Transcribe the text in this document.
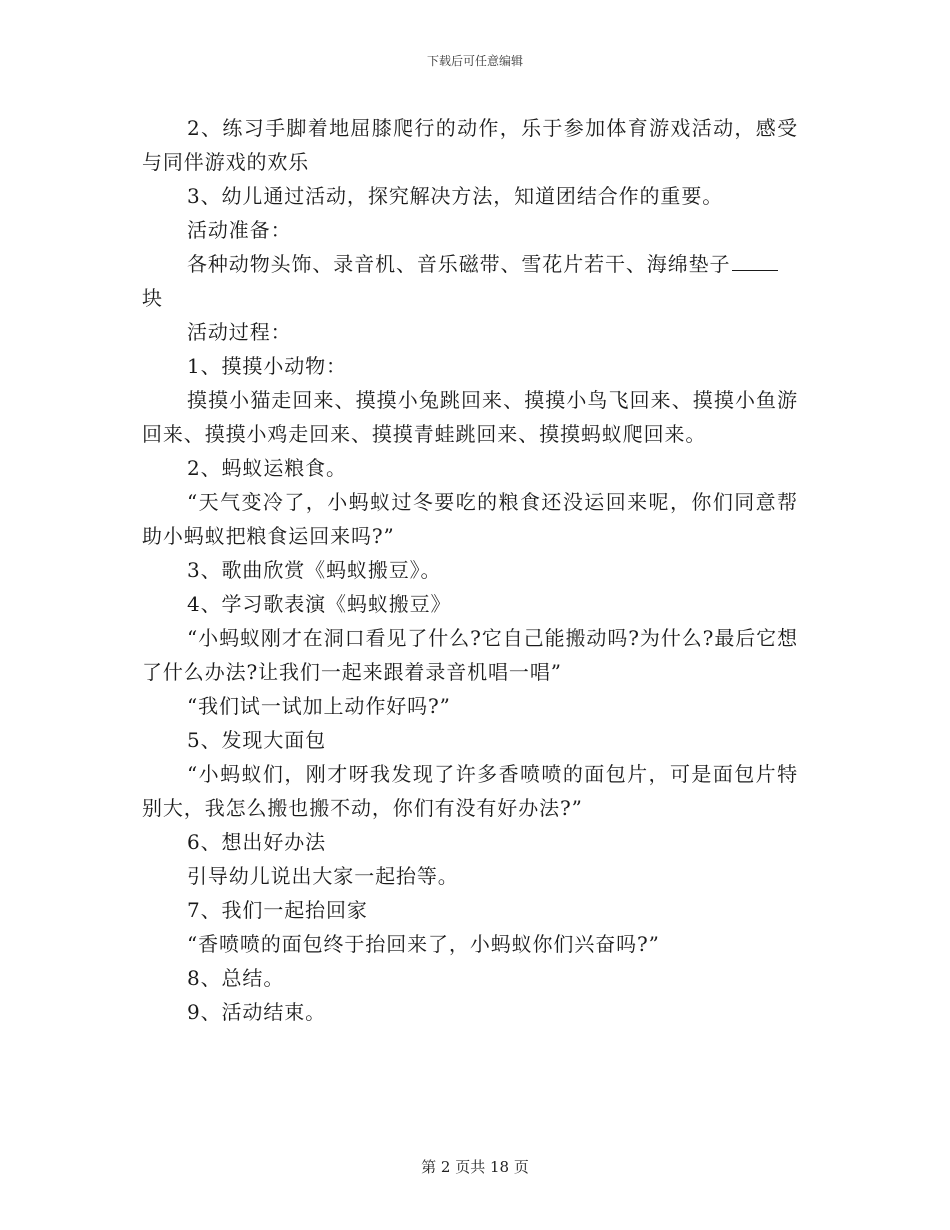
下载后可任意编辑

2、练习手脚着地屈膝爬行的动作，乐于参加体育游戏活动，感受与同伴游戏的欢乐

3、幼儿通过活动，探究解决方法，知道团结合作的重要。

活动准备：

各种动物头饰、录音机、音乐磁带、雪花片若干、海绵垫子

块

活动过程：

1、摸摸小动物：

摸摸小猫走回来、摸摸小兔跳回来、摸摸小鸟飞回来、摸摸小鱼游回来、摸摸小鸡走回来、摸摸青蛙跳回来、摸摸蚂蚁爬回来。

2、蚂蚁运粮食。

“天气变冷了，小蚂蚁过冬要吃的粮食还没运回来呢，你们同意帮助小蚂蚁把粮食运回来吗?”

3、歌曲欣赏《蚂蚁搬豆》。

4、学习歌表演《蚂蚁搬豆》

“小蚂蚁刚才在洞口看见了什么?它自己能搬动吗?为什么?最后它想了什么办法?让我们一起来跟着录音机唱一唱”

“我们试一试加上动作好吗?”

5、发现大面包

“小蚂蚁们，刚才呀我发现了许多香喷喷的面包片，可是面包片特别大，我怎么搬也搬不动，你们有没有好办法?”

6、想出好办法

引导幼儿说出大家一起抬等。

7、我们一起抬回家

“香喷喷的面包终于抬回来了，小蚂蚁你们兴奋吗?”

8、总结。

9、活动结束。

第 2 页共 18 页
